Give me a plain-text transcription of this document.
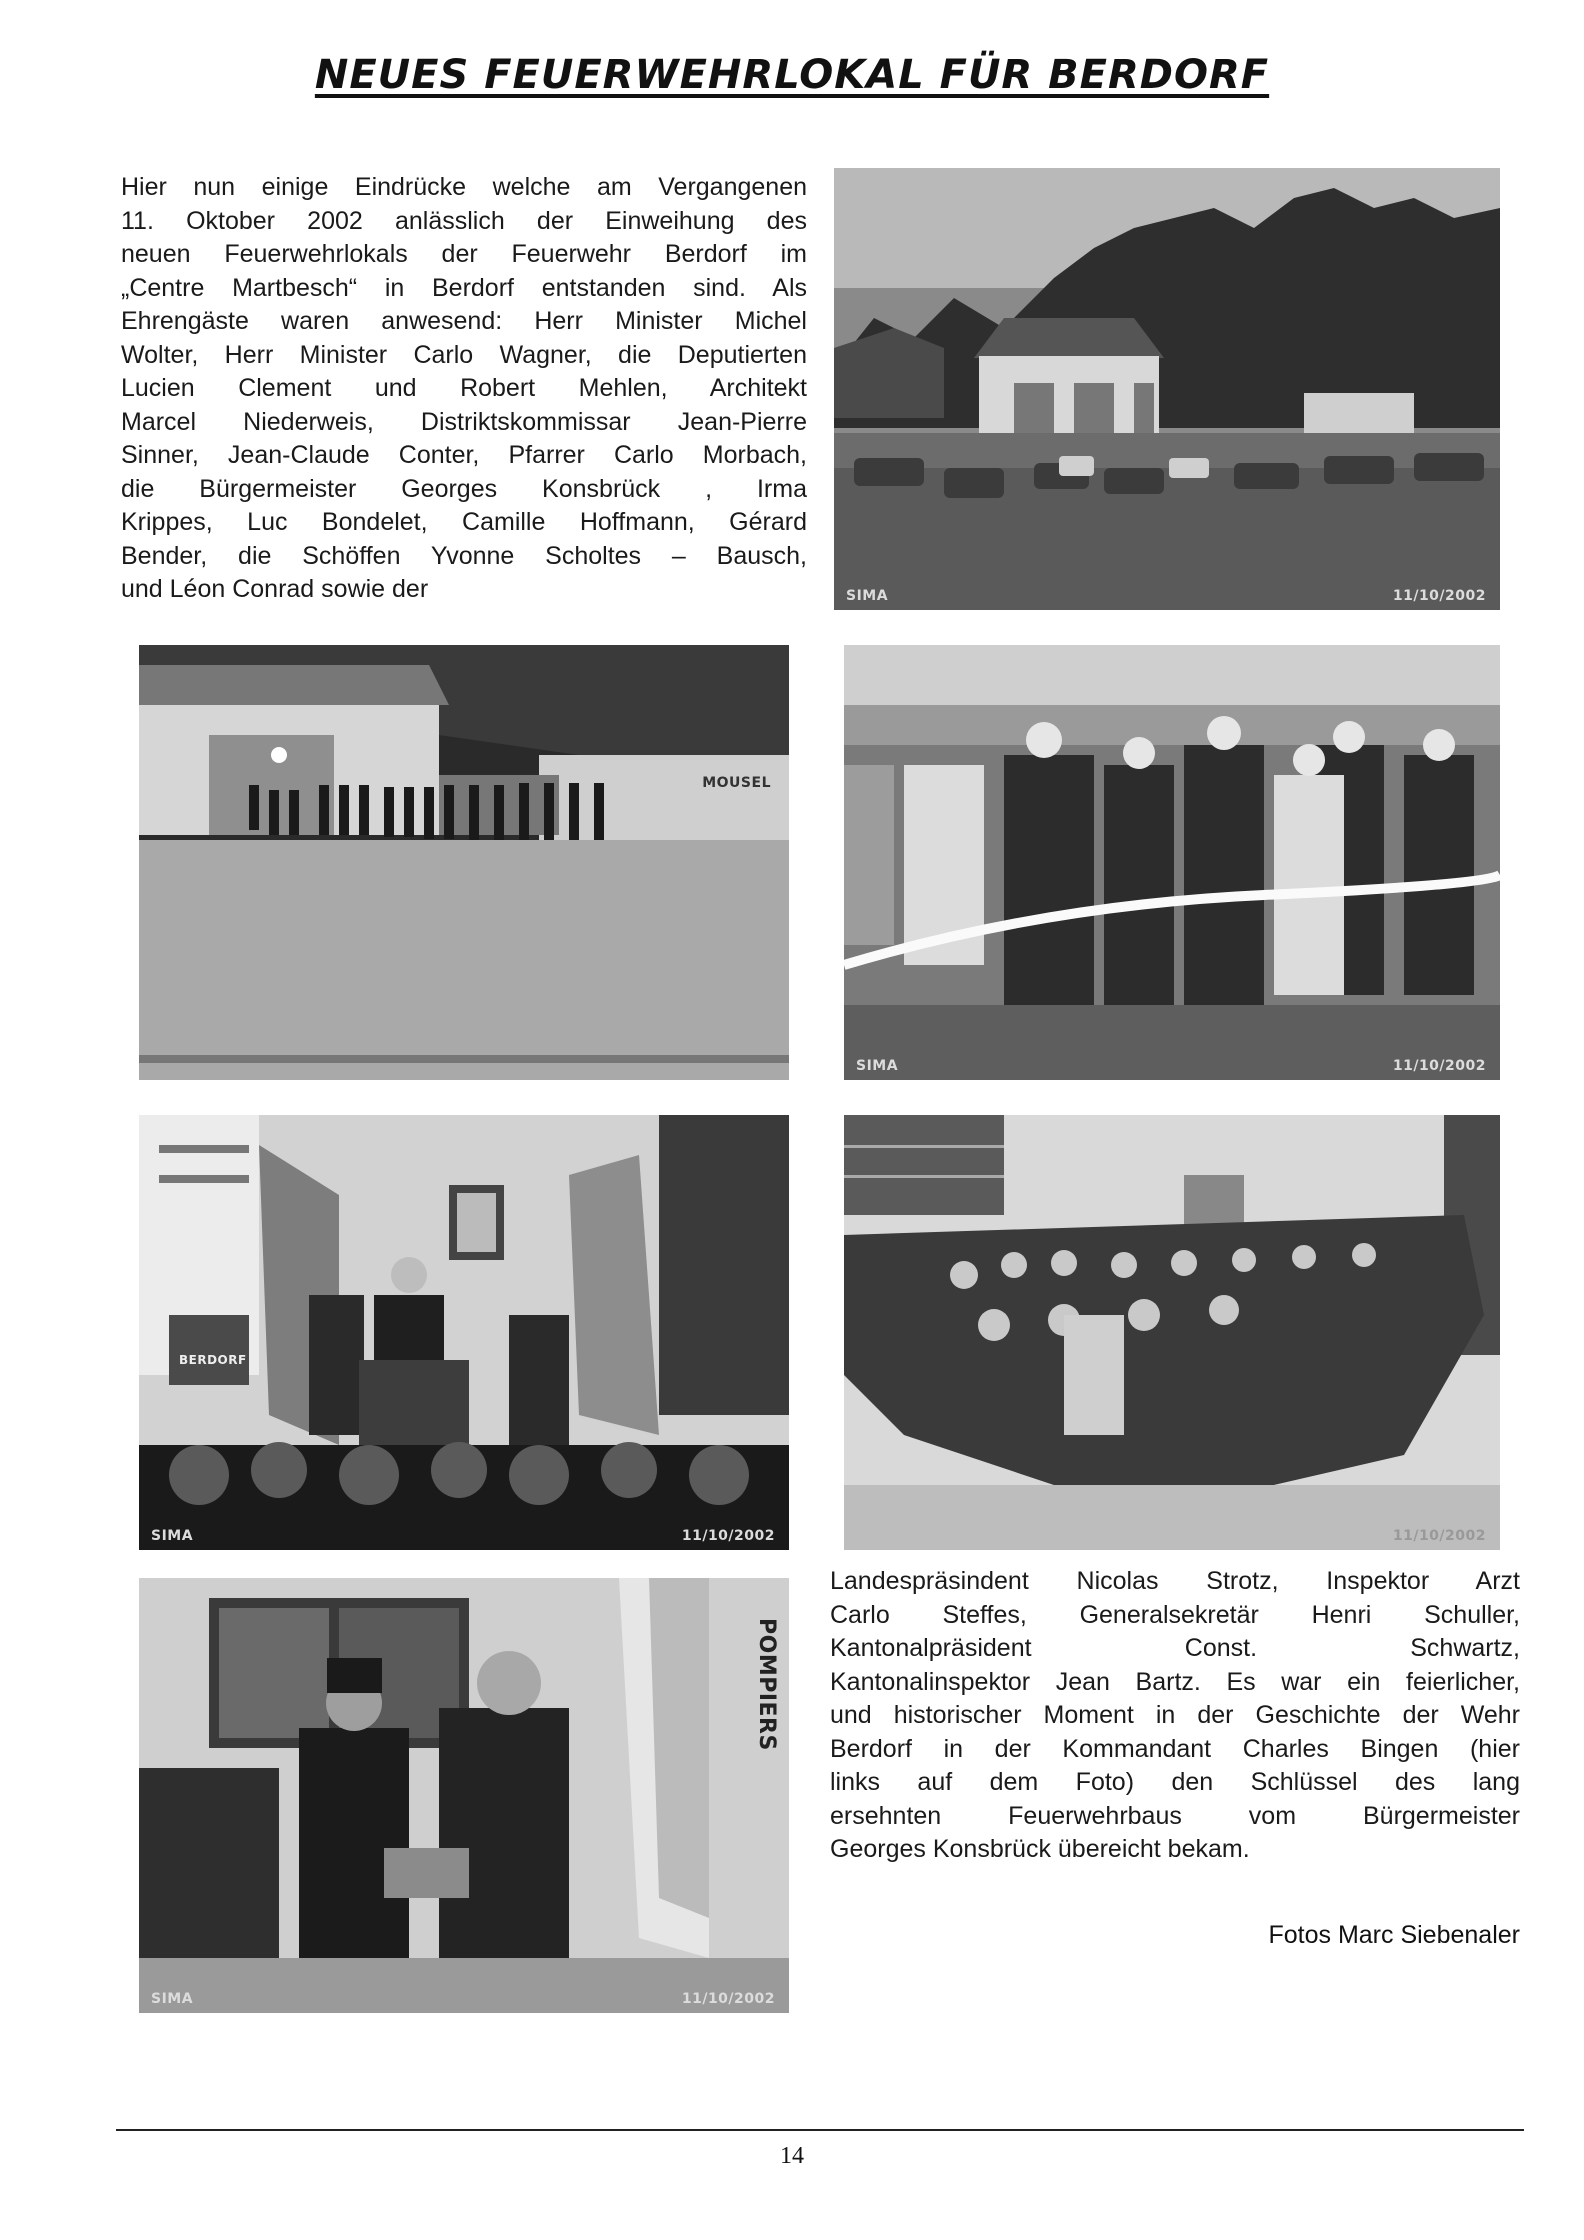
NEUES FEUERWEHRLOKAL FÜR BERDORF
Hier nun einige Eindrücke welche am Vergangenen
11. Oktober 2002 anlässlich der Einweihung des
neuen Feuerwehrlokals der Feuerwehr Berdorf im
„Centre Martbesch“ in Berdorf entstanden sind. Als
Ehrengäste waren anwesend: Herr Minister Michel
Wolter, Herr Minister Carlo Wagner, die Deputierten
Lucien Clement und Robert Mehlen, Architekt
Marcel Niederweis, Distriktskommissar Jean-Pierre
Sinner, Jean-Claude Conter, Pfarrer Carlo Morbach,
die Bürgermeister Georges Konsbrück , Irma
Krippes, Luc Bondelet, Camille Hoffmann, Gérard
Bender, die Schöffen Yvonne Scholtes – Bausch,
und Léon Conrad sowie der	SIMA	11/10/2002
MOUSEL
SIMA	11/10/2002
BERDORF
SIMA	11/10/2002	11/10/2002
SIMA	11/10/2002
POMPIERS
Landespräsindent Nicolas Strotz, Inspektor Arzt
Carlo Steffes, Generalsekretär Henri Schuller,
Kantonalpräsident Const. Schwartz,
Kantonalinspektor Jean Bartz. Es war ein feierlicher,
und historischer Moment in der Geschichte der Wehr
Berdorf in der Kommandant Charles Bingen (hier
links auf dem Foto) den Schlüssel des lang
ersehnten Feuerwehrbaus vom Bürgermeister
Georges Konsbrück übereicht bekam.
Fotos Marc Siebenaler
14
